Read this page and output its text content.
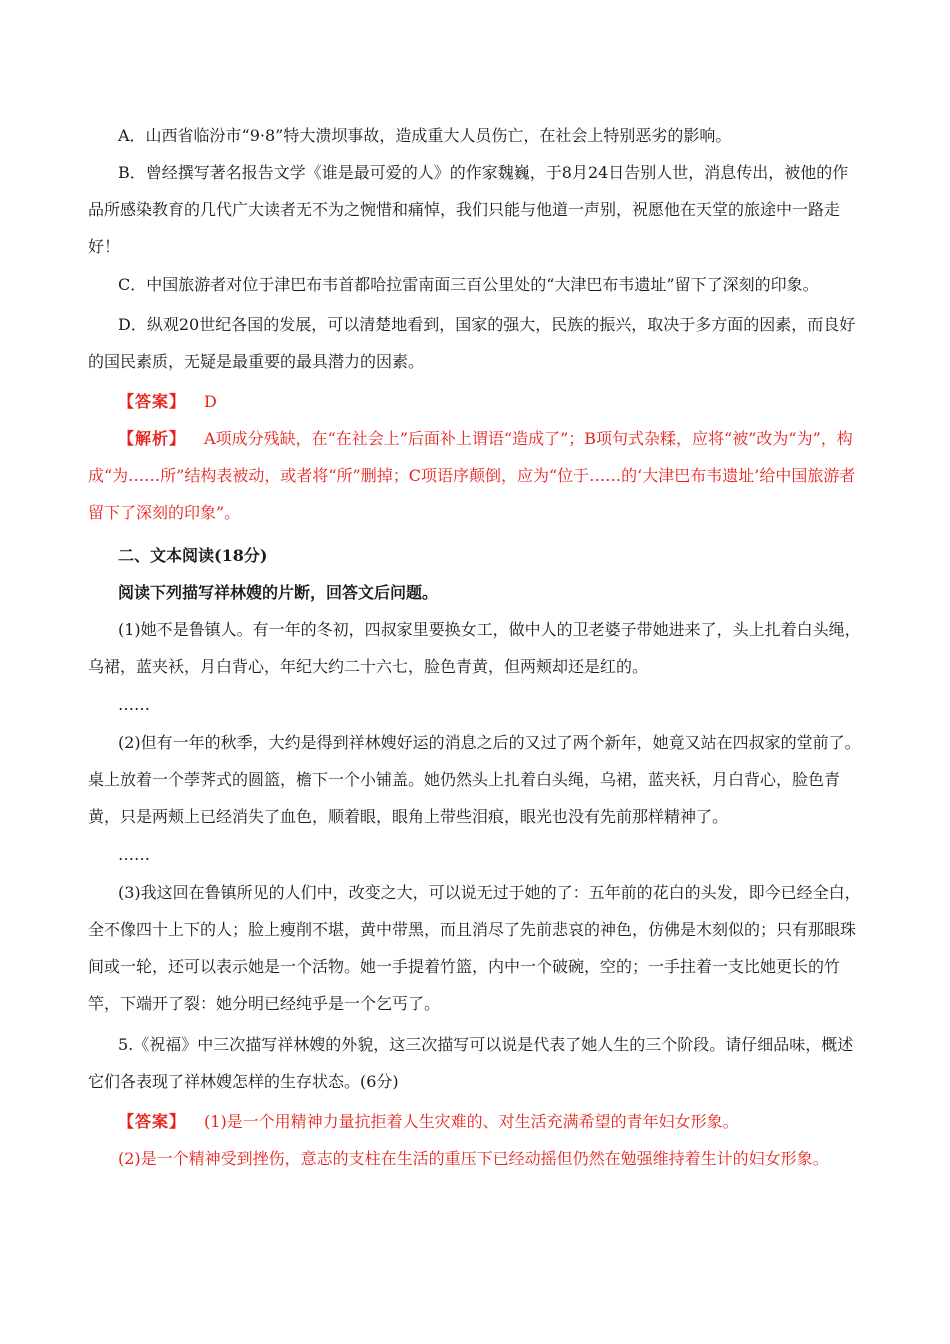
A．山西省临汾市“9·8”特大溃坝事故，造成重大人员伤亡，在社会上特别恶劣的影响。
B．曾经撰写著名报告文学《谁是最可爱的人》的作家魏巍，于8月24日告别人世，消息传出，被他的作品所感染教育的几代广大读者无不为之惋惜和痛悼，我们只能与他道一声别，祝愿他在天堂的旅途中一路走好！
C．中国旅游者对位于津巴布韦首都哈拉雷南面三百公里处的“大津巴布韦遗址”留下了深刻的印象。
D．纵观20世纪各国的发展，可以清楚地看到，国家的强大，民族的振兴，取决于多方面的因素，而良好的国民素质，无疑是最重要的最具潜力的因素。
【答案】 D
【解析】 A项成分残缺，在“在社会上”后面补上谓语“造成了”；B项句式杂糅，应将“被”改为“为”，构成“为……所”结构表被动，或者将“所”删掉；C项语序颠倒，应为“位于……的‘大津巴布韦遗址’给中国旅游者留下了深刻的印象”。
二、文本阅读(18分)
阅读下列描写祥林嫂的片断，回答文后问题。
(1)她不是鲁镇人。有一年的冬初，四叔家里要换女工，做中人的卫老婆子带她进来了，头上扎着白头绳，乌裙，蓝夹袄，月白背心，年纪大约二十六七，脸色青黄，但两颊却还是红的。
……
(2)但有一年的秋季，大约是得到祥林嫂好运的消息之后的又过了两个新年，她竟又站在四叔家的堂前了。桌上放着一个荸荠式的圆篮，檐下一个小铺盖。她仍然头上扎着白头绳，乌裙，蓝夹袄，月白背心，脸色青黄，只是两颊上已经消失了血色，顺着眼，眼角上带些泪痕，眼光也没有先前那样精神了。
……
(3)我这回在鲁镇所见的人们中，改变之大，可以说无过于她的了：五年前的花白的头发，即今已经全白，全不像四十上下的人；脸上瘦削不堪，黄中带黑，而且消尽了先前悲哀的神色，仿佛是木刻似的；只有那眼珠间或一轮，还可以表示她是一个活物。她一手提着竹篮，内中一个破碗，空的；一手拄着一支比她更长的竹竿，下端开了裂：她分明已经纯乎是一个乞丐了。
5.《祝福》中三次描写祥林嫂的外貌，这三次描写可以说是代表了她人生的三个阶段。请仔细品味，概述它们各表现了祥林嫂怎样的生存状态。(6分)
【答案】 (1)是一个用精神力量抗拒着人生灾难的、对生活充满希望的青年妇女形象。
(2)是一个精神受到挫伤，意志的支柱在生活的重压下已经动摇但仍然在勉强维持着生计的妇女形象。
